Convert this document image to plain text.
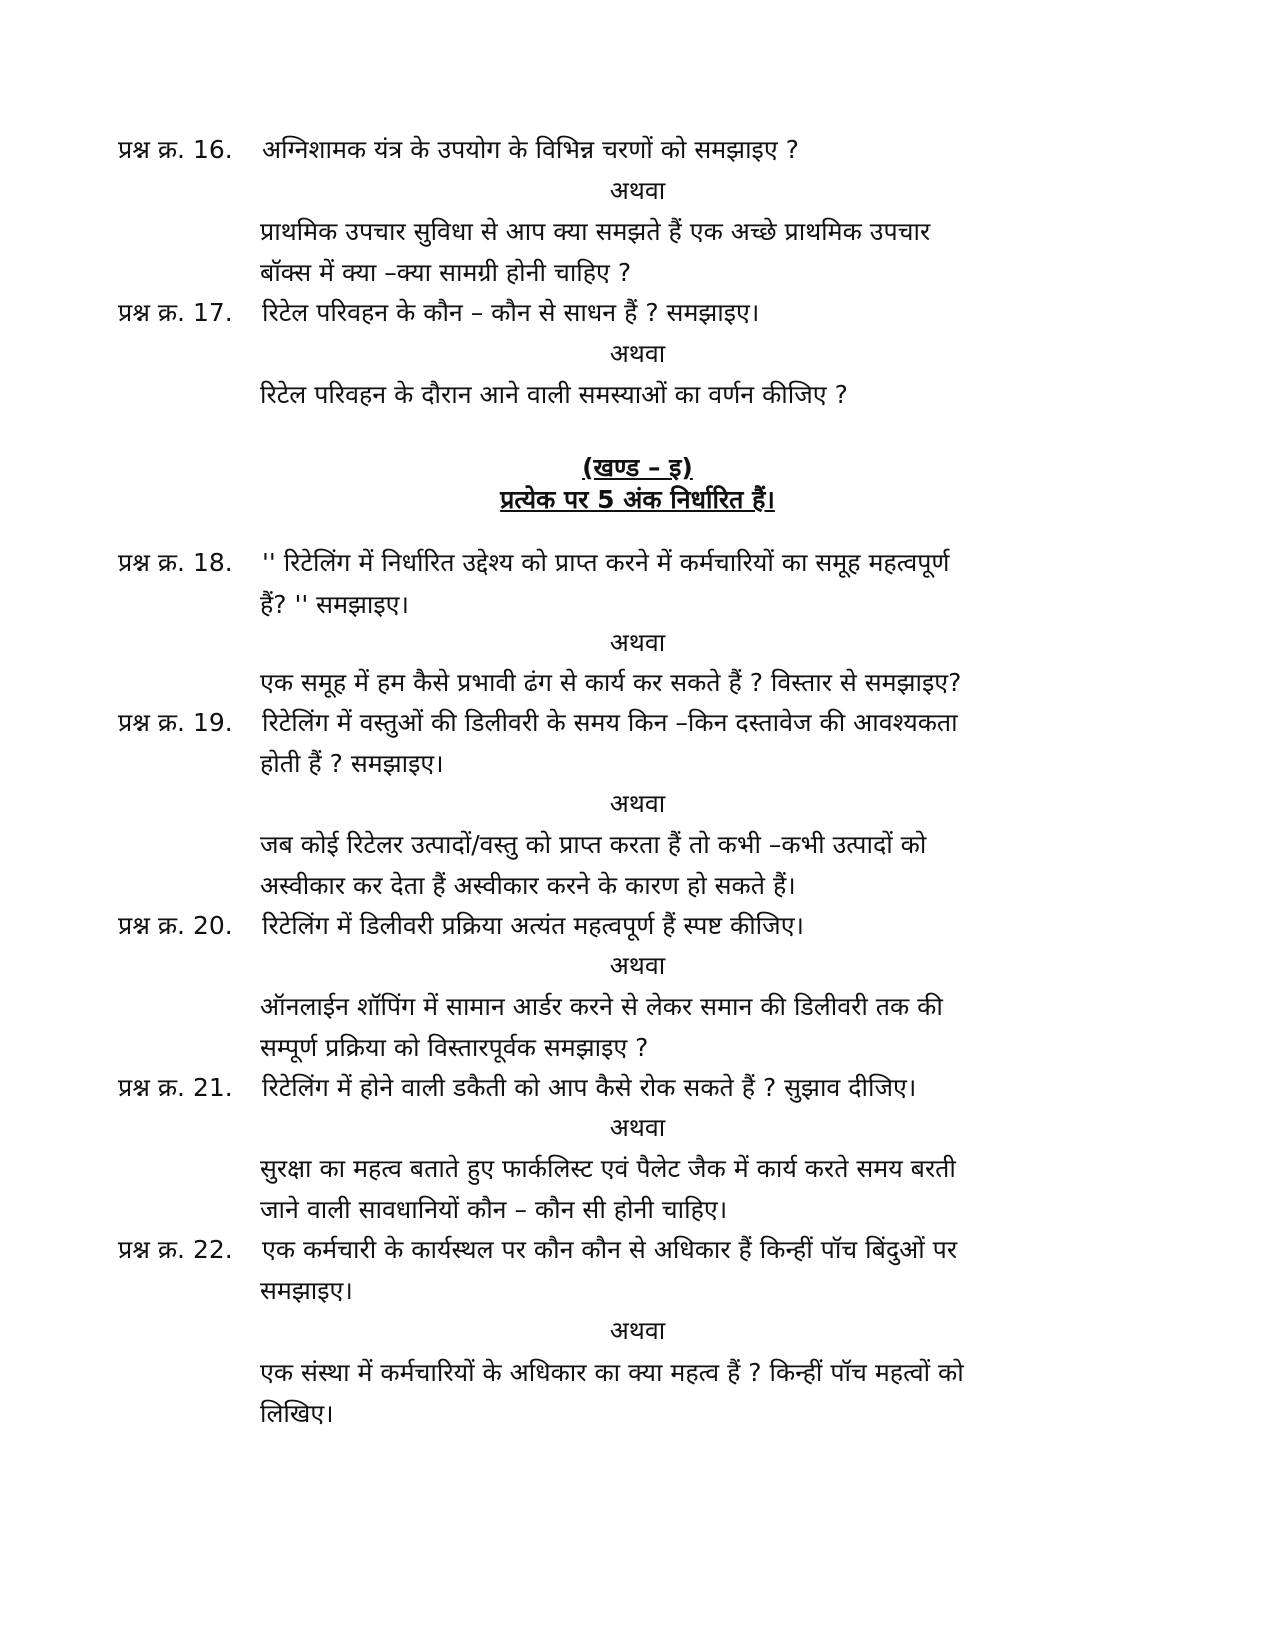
प्रश्न क्र. 16. अग्निशामक यंत्र के उपयोग के विभिन्न चरणों को समझाइए ?
अथवा
प्राथमिक उपचार सुविधा से आप क्या समझते हैं एक अच्छे प्राथमिक उपचार
बॉक्स में क्या –क्या सामग्री होनी चाहिए ?
प्रश्न क्र. 17. रिटेल परिवहन के कौन – कौन से साधन हैं ? समझाइए।
अथवा
रिटेल परिवहन के दौरान आने वाली समस्याओं का वर्णन कीजिए ?
(खण्ड – इ)
प्रत्येक पर 5 अंक निर्धारित हैं।
प्रश्न क्र. 18. '' रिटेलिंग में निर्धारित उद्देश्य को प्राप्त करने में कर्मचारियों का समूह महत्वपूर्ण
हैं? '' समझाइए।
अथवा
एक समूह में हम कैसे प्रभावी ढंग से कार्य कर सकते हैं ? विस्तार से समझाइए?
प्रश्न क्र. 19. रिटेलिंग में वस्तुओं की डिलीवरी के समय किन –किन दस्तावेज की आवश्यकता
होती हैं ? समझाइए।
अथवा
जब कोई रिटेलर उत्पादों/वस्तु को प्राप्त करता हैं तो कभी –कभी उत्पादों को
अस्वीकार कर देता हैं अस्वीकार करने के कारण हो सकते हैं।
प्रश्न क्र. 20. रिटेलिंग में डिलीवरी प्रक्रिया अत्यंत महत्वपूर्ण हैं स्पष्ट कीजिए।
अथवा
ऑनलाईन शॉपिंग में सामान आर्डर करने से लेकर समान की डिलीवरी तक की
सम्पूर्ण प्रक्रिया को विस्तारपूर्वक समझाइए ?
प्रश्न क्र. 21. रिटेलिंग में होने वाली डकैती को आप कैसे रोक सकते हैं ? सुझाव दीजिए।
अथवा
सुरक्षा का महत्व बताते हुए फार्कलिस्ट एवं पैलेट जैक में कार्य करते समय बरती
जाने वाली सावधानियों कौन – कौन सी होनी चाहिए।
प्रश्न क्र. 22. एक कर्मचारी के कार्यस्थल पर कौन कौन से अधिकार हैं किन्हीं पॉच बिंदुओं पर
समझाइए।
अथवा
एक संस्था में कर्मचारियों के अधिकार का क्या महत्व हैं ? किन्हीं पॉच महत्वों को
लिखिए।
